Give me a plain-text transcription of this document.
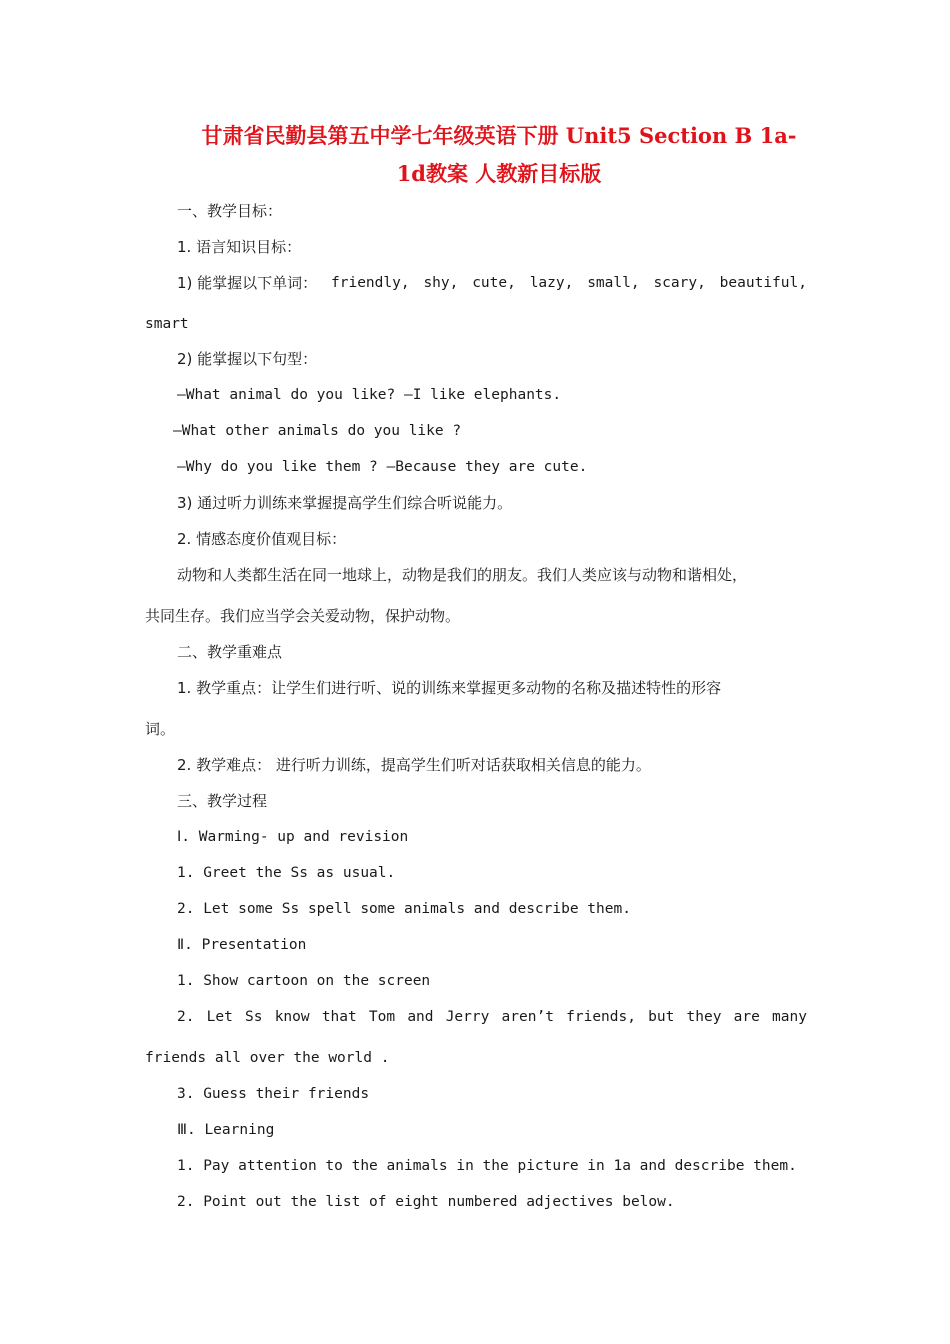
甘肃省民勤县第五中学七年级英语下册 Unit5 Section B 1a-
1d教案 人教新目标版
一、教学目标：
1. 语言知识目标：
1) 能掌握以下单词： friendly, shy, cute, lazy, small, scary, beautiful,
smart
2) 能掌握以下句型：
—What animal do you like? —I like elephants.
—What other animals do you like ?
—Why do you like them ? —Because they are cute.
3) 通过听力训练来掌握提高学生们综合听说能力。
2. 情感态度价值观目标：
动物和人类都生活在同一地球上，动物是我们的朋友。我们人类应该与动物和谐相处，
共同生存。我们应当学会关爱动物，保护动物。
二、教学重难点
1. 教学重点：让学生们进行听、说的训练来掌握更多动物的名称及描述特性的形容
词。
2. 教学难点： 进行听力训练，提高学生们听对话获取相关信息的能力。
三、教学过程
Ⅰ. Warming- up and revision
1. Greet the Ss as usual.
2. Let some Ss spell some animals and describe them.
Ⅱ. Presentation
1. Show cartoon on the screen
2. Let Ss know that Tom and Jerry aren’t friends, but they are many
friends all over the world .
3. Guess their friends
Ⅲ. Learning
1. Pay attention to the animals in the picture in 1a and describe them.
2. Point out the list of eight numbered adjectives below.
